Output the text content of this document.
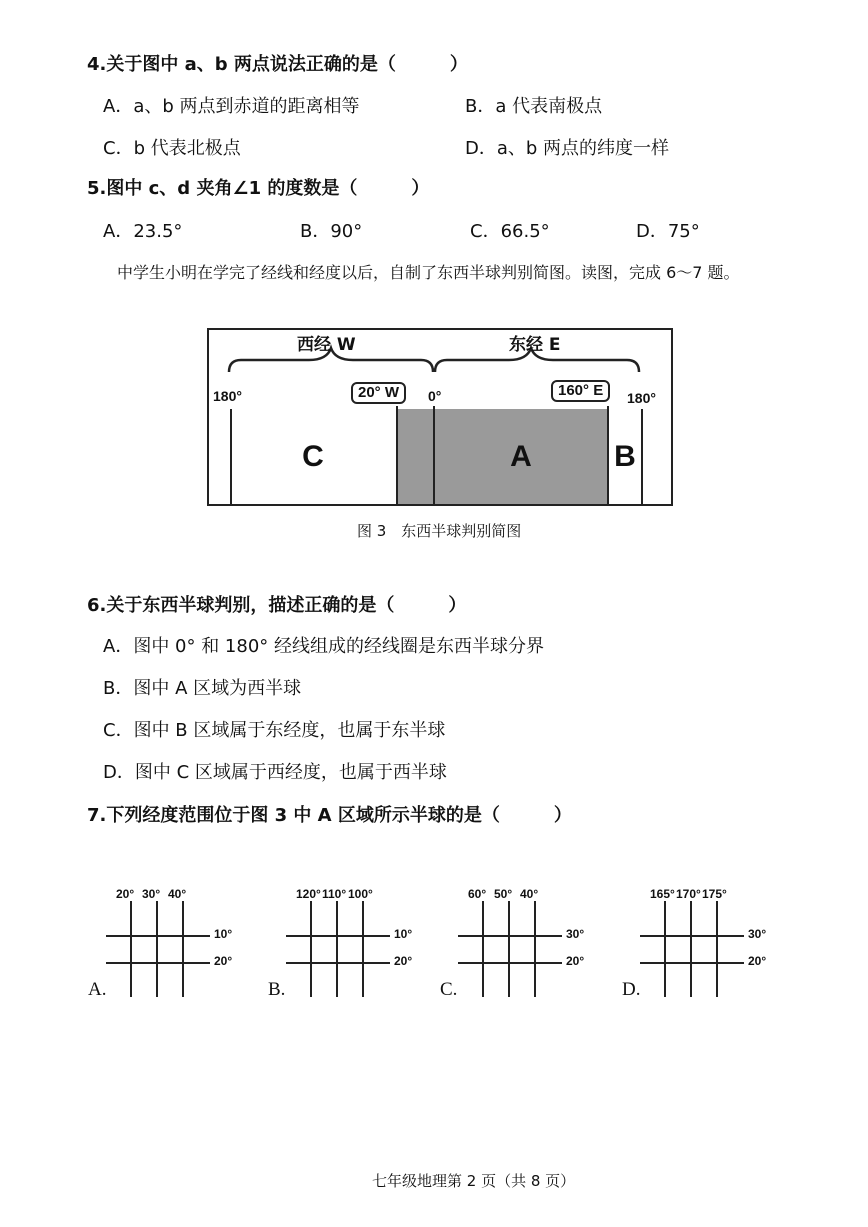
4.关于图中 a、b 两点说法正确的是（　　　）
A．a、b 两点到赤道的距离相等	B．a 代表南极点
C．b 代表北极点	D．a、b 两点的纬度一样
5.图中 c、d 夹角∠1 的度数是（　　　）
A．23.5°	B．90°	C．66.5°	D．75°
中学生小明在学完了经线和经度以后，自制了东西半球判别简图。读图，完成 6～7 题。
西经 W	东经 E
180°	20° W	0°	160° E	180°
C	A	B
图 3　东西半球判别简图
6.关于东西半球判别，描述正确的是（　　　）
A．图中 0° 和 180° 经线组成的经线圈是东西半球分界
B．图中 A 区域为西半球
C．图中 B 区域属于东经度，也属于东半球
D．图中 C 区域属于西经度，也属于西半球
7.下列经度范围位于图 3 中 A 区域所示半球的是（　　　）
20° 30° 40°
10°
20°
A.
120° 110° 100°
10°
20°
B.
60° 50° 40°
30°
20°
C.
165° 170° 175°
30°
20°
D.
七年级地理第 2 页（共 8 页）
